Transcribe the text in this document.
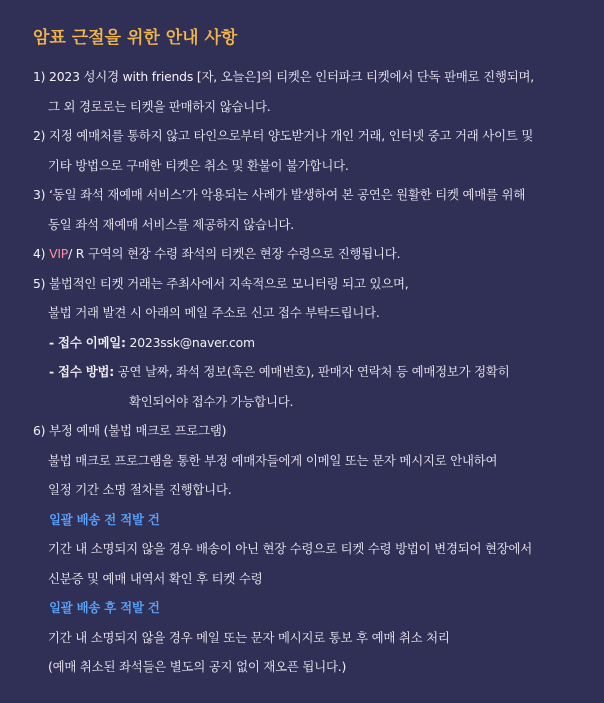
암표 근절을 위한 안내 사항
1) 2023 성시경 with friends [자, 오늘은]의 티켓은 인터파크 티켓에서 단독 판매로 진행되며,
그 외 경로로는 티켓을 판매하지 않습니다.
2) 지정 예매처를 통하지 않고 타인으로부터 양도받거나 개인 거래, 인터넷 중고 거래 사이트 및
기타 방법으로 구매한 티켓은 취소 및 환불이 불가합니다.
3) ‘동일 좌석 재예매 서비스’가 악용되는 사례가 발생하여 본 공연은 원활한 티켓 예매를 위해
동일 좌석 재예매 서비스를 제공하지 않습니다.
4) VIP/ R 구역의 현장 수령 좌석의 티켓은 현장 수령으로 진행됩니다.
5) 불법적인 티켓 거래는 주최사에서 지속적으로 모니터링 되고 있으며,
불법 거래 발견 시 아래의 메일 주소로 신고 접수 부탁드립니다.
- 접수 이메일: 2023ssk@naver.com
- 접수 방법: 공연 날짜, 좌석 정보(혹은 예매번호), 판매자 연락처 등 예매정보가 정확히
확인되어야 접수가 가능합니다.
6) 부정 예매 (불법 매크로 프로그램)
불법 매크로 프로그램을 통한 부정 예매자들에게 이메일 또는 문자 메시지로 안내하여
일정 기간 소명 절차를 진행합니다.
일괄 배송 전 적발 건
기간 내 소명되지 않을 경우 배송이 아닌 현장 수령으로 티켓 수령 방법이 변경되어 현장에서
신분증 및 예매 내역서 확인 후 티켓 수령
일괄 배송 후 적발 건
기간 내 소명되지 않을 경우 메일 또는 문자 메시지로 통보 후 예매 취소 처리
(예매 취소된 좌석들은 별도의 공지 없이 재오픈 됩니다.)
